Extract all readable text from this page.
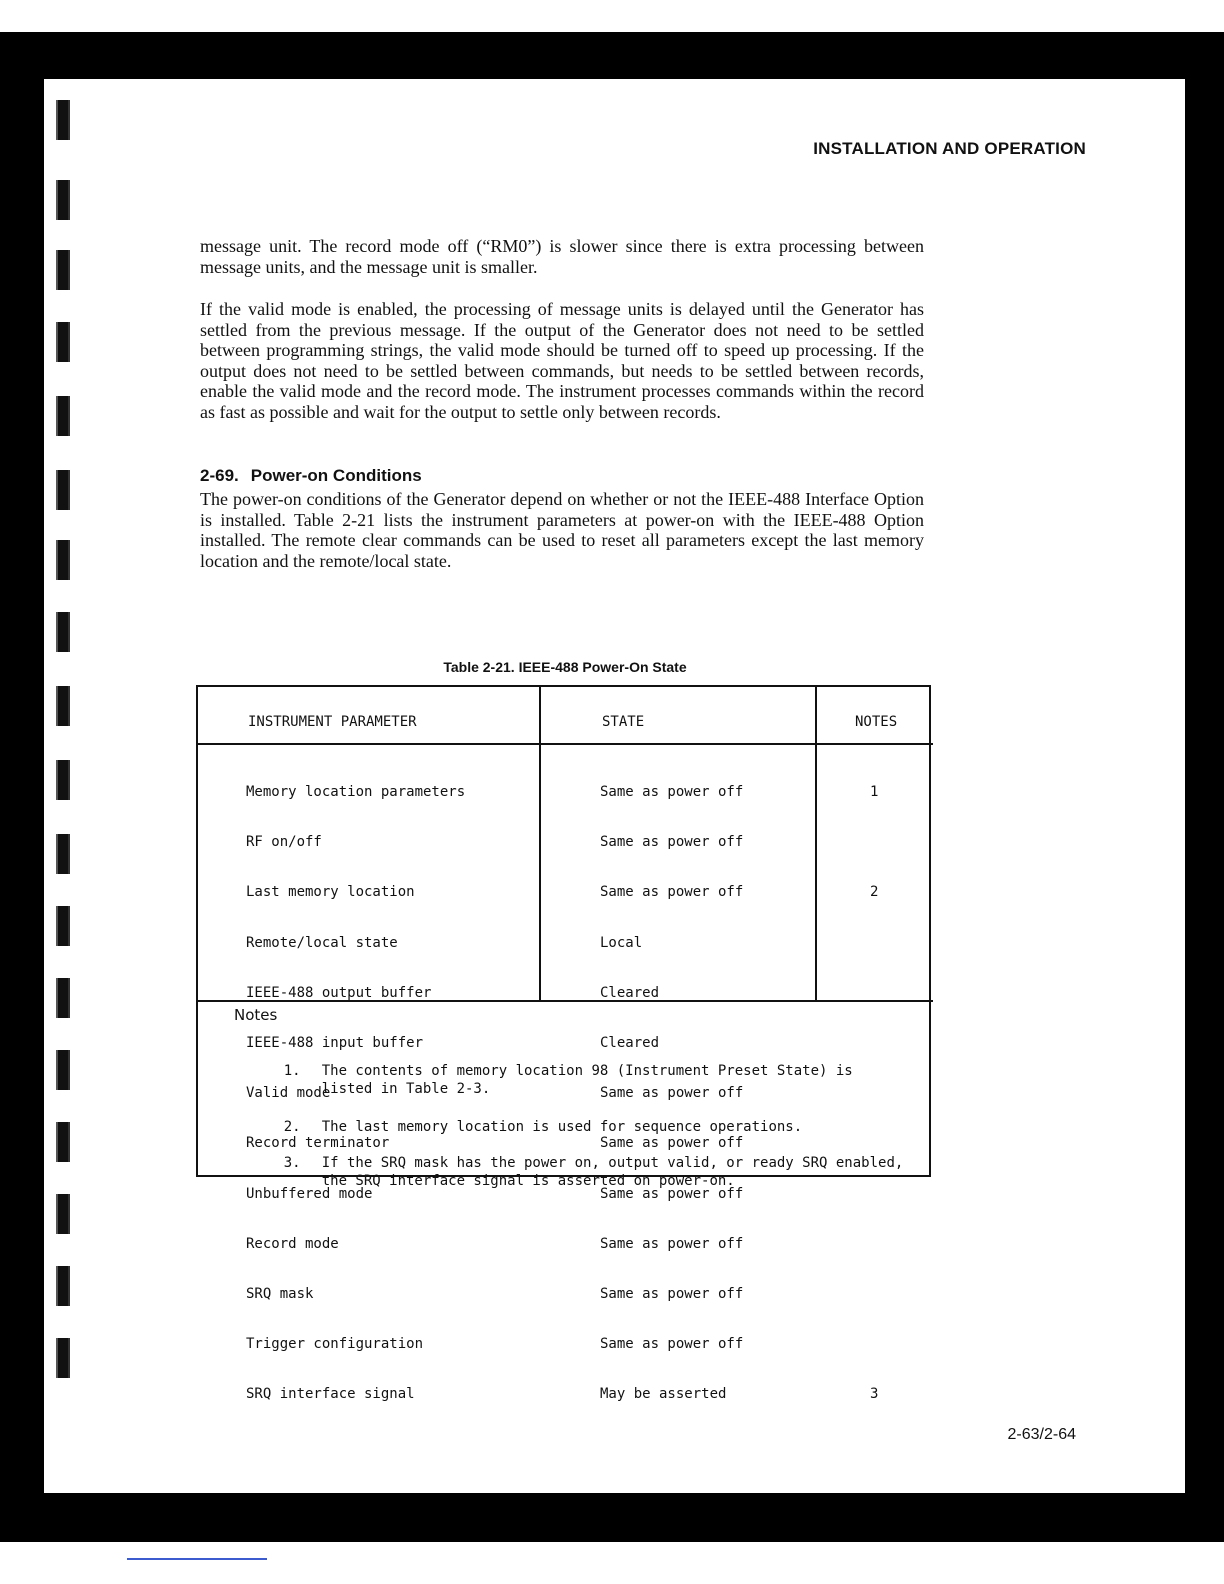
INSTALLATION AND OPERATION

message unit. The record mode off (“RM0”) is slower since there is extra processing between message units, and the message unit is smaller.

If the valid mode is enabled, the processing of message units is delayed until the Generator has settled from the previous message. If the output of the Generator does not need to be settled between programming strings, the valid mode should be turned off to speed up processing. If the output does not need to be settled between commands, but needs to be settled between records, enable the valid mode and the record mode. The instrument processes commands within the record as fast as possible and wait for the output to settle only between records.

2-69. Power-on Conditions

The power-on conditions of the Generator depend on whether or not the IEEE-488 Interface Option is installed. Table 2-21 lists the instrument parameters at power-on with the IEEE-488 Option installed. The remote clear commands can be used to reset all parameters except the last memory location and the remote/local state.

Table 2-21. IEEE-488 Power-On State
INSTRUMENT PARAMETER	STATE	NOTES

Memory location parameters

RF on/off

Last memory location

Remote/local state

IEEE-488 output buffer

IEEE-488 input buffer

Valid mode

Record terminator

Unbuffered mode

Record mode

SRQ mask

Trigger configuration

SRQ interface signal

Same as power off

Same as power off

Same as power off

Local

Cleared

Cleared

Same as power off

Same as power off

Same as power off

Same as power off

Same as power off

Same as power off

May be asserted

1

2

3

Notes

1. The contents of memory location 98 (Instrument Preset State) is
listed in Table 2-3.

2. The last memory location is used for sequence operations.

3. If the SRQ mask has the power on, output valid, or ready SRQ enabled,
the SRQ interface signal is asserted on power-on.

2-63/2-64
